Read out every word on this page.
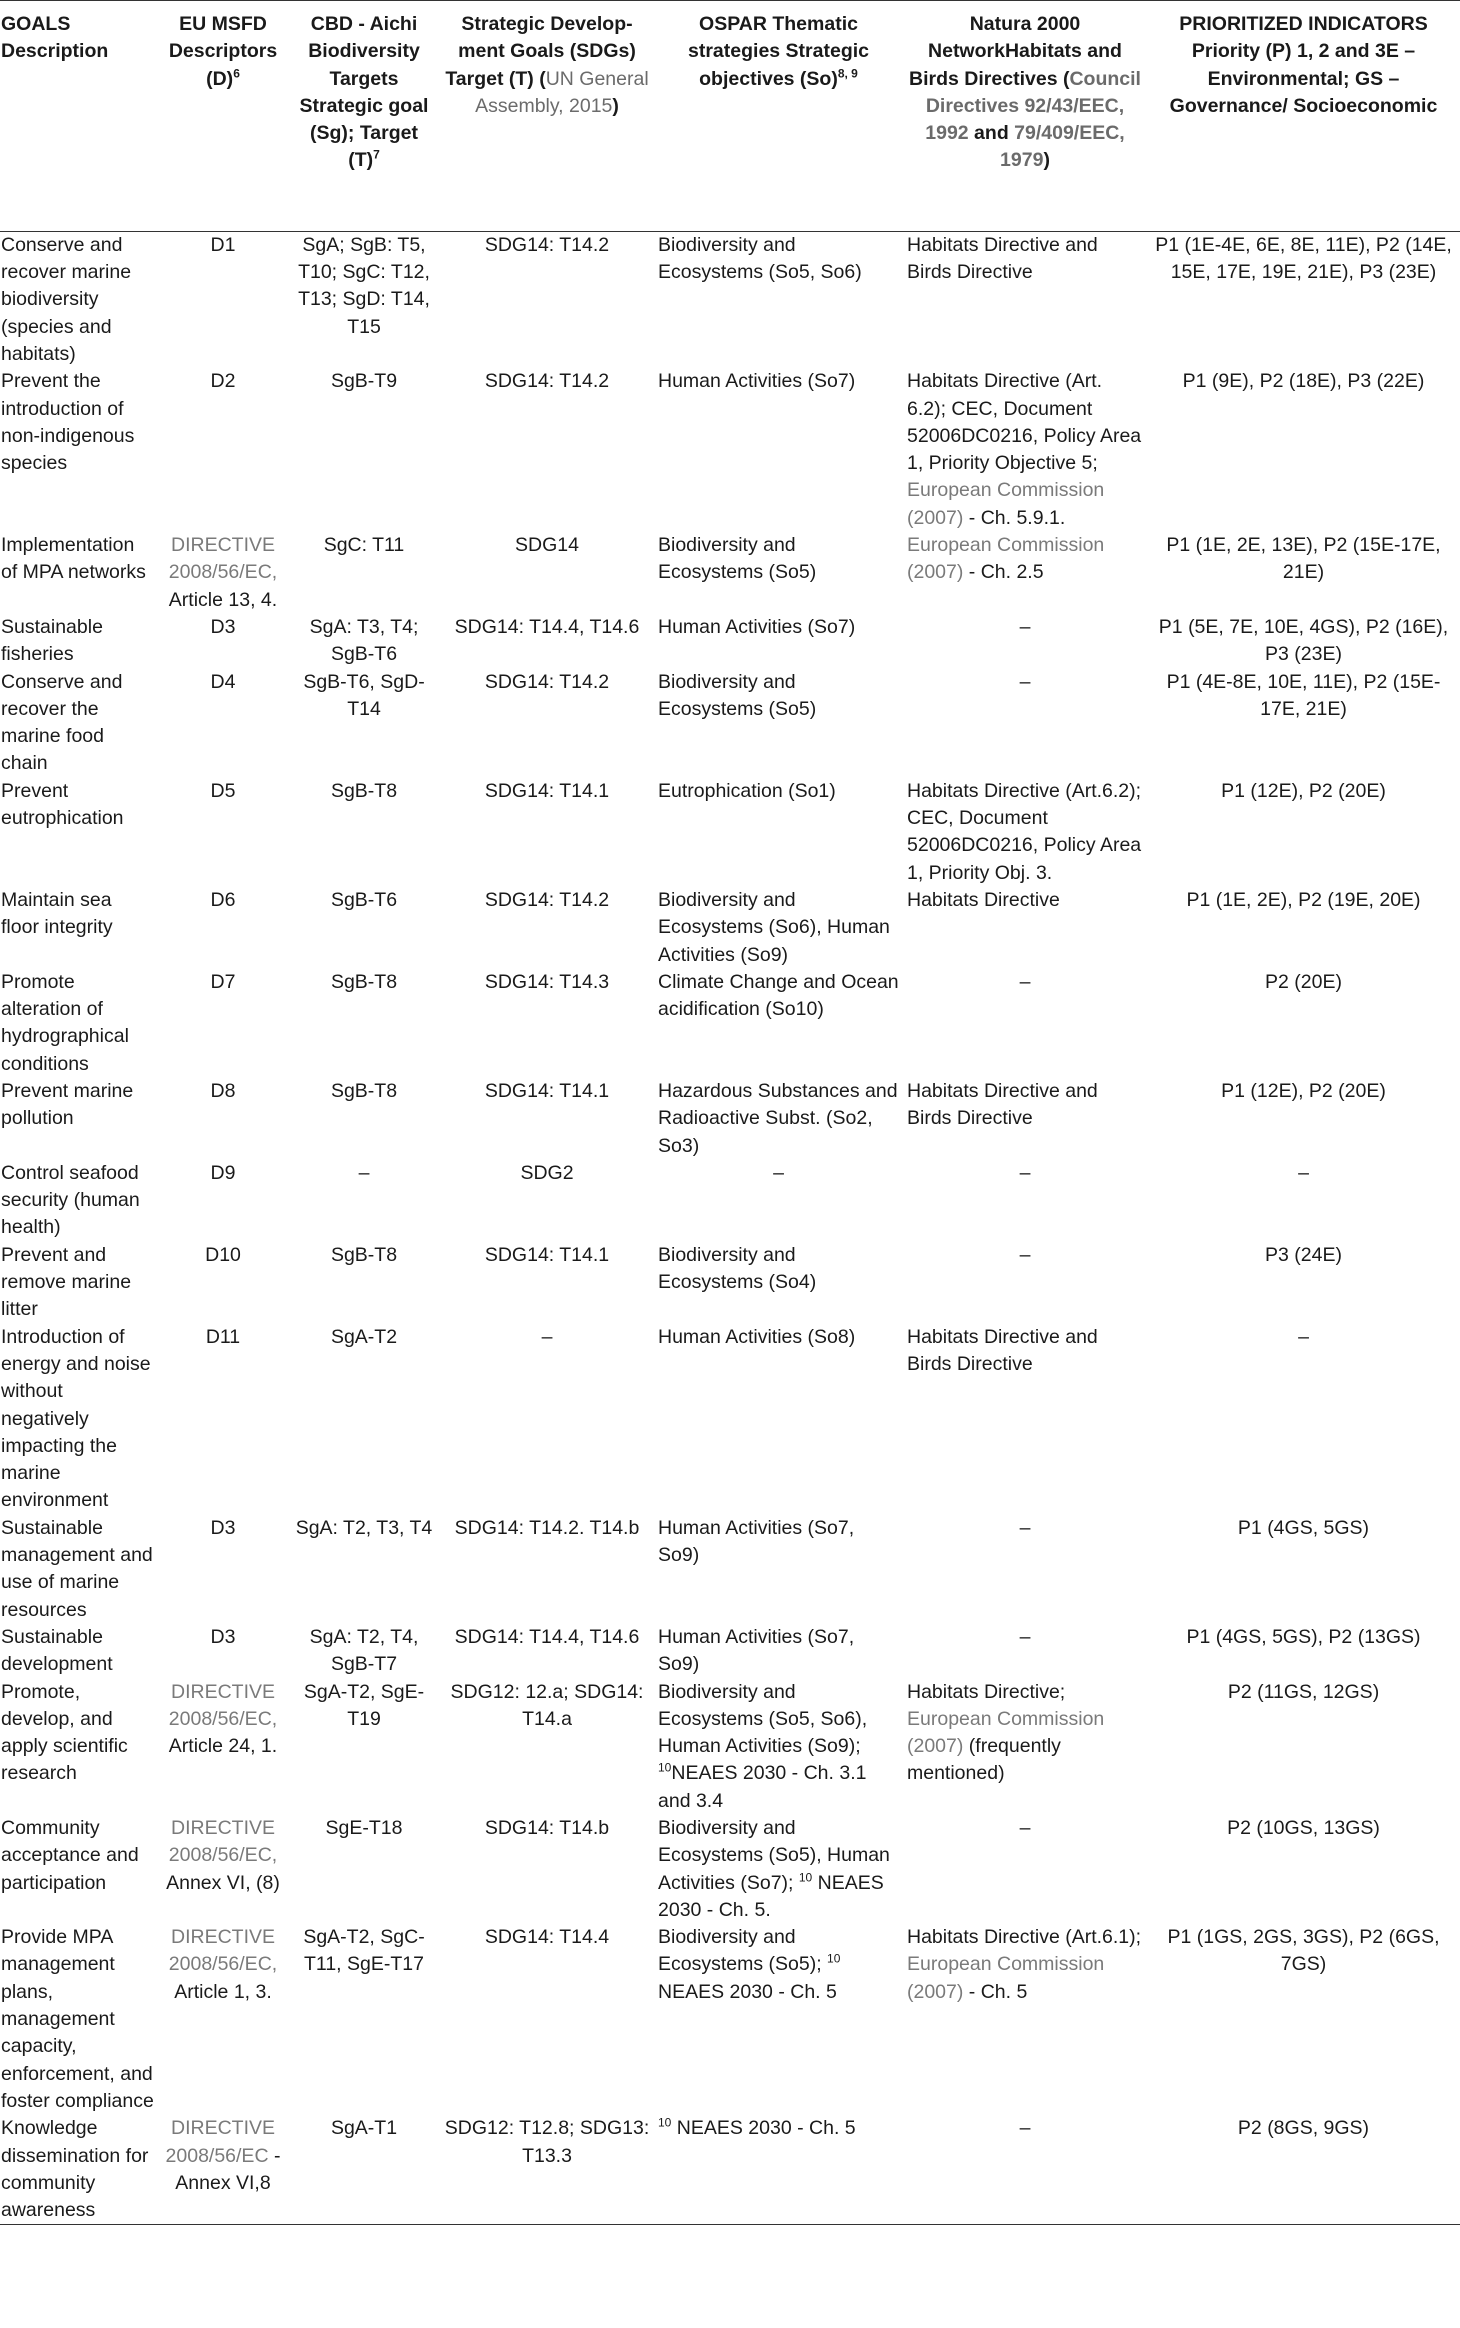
GOALS Description	EU MSFD Descriptors $(D)^6$	CBD - Aichi Biodiversity Targets Strategic goal (Sg); Target $(T)^7$	Strategic Develop-ment Goals (SDGs) Target (T) (UN General Assembly, 2015)	OSPAR Thematic strategies Strategic objectives $(So)^{8, 9}$	Natura 2000 NetworkHabitats and Birds Directives (Council Directives 92/43/EEC, 1992 and 79/409/EEC, 1979)	PRIORITIZED INDICATORS Priority (P) 1, 2 and 3E – Environmental; GS – Governance/ Socioeconomic
Conserve and recover marine biodiversity (species and habitats)	D1	SgA; SgB: T5, T10; SgC: T12, T13; SgD: T14, T15	SDG14: T14.2	Biodiversity and Ecosystems (So5, So6)	Habitats Directive and Birds Directive	P1 (1E-4E, 6E, 8E, 11E), P2 (14E, 15E, 17E, 19E, 21E), P3 (23E)
Prevent the introduction of non-indigenous species	D2	SgB-T9	SDG14: T14.2	Human Activities (So7)	Habitats Directive (Art. 6.2); CEC, Document 52006DC0216, Policy Area 1, Priority Objective 5; European Commission (2007) - Ch. 5.9.1.	P1 (9E), P2 (18E), P3 (22E)
Implementation of MPA networks	DIRECTIVE 2008/56/EC, Article 13, 4.	SgC: T11	SDG14	Biodiversity and Ecosystems (So5)	European Commission (2007) - Ch. 2.5	P1 (1E, 2E, 13E), P2 (15E-17E, 21E)
Sustainable fisheries	D3	SgA: T3, T4; SgB-T6	SDG14: T14.4, T14.6	Human Activities (So7)	–	P1 (5E, 7E, 10E, 4GS), P2 (16E), P3 (23E)
Conserve and recover the marine food chain	D4	SgB-T6, SgD-T14	SDG14: T14.2	Biodiversity and Ecosystems (So5)	–	P1 (4E-8E, 10E, 11E), P2 (15E-17E, 21E)
Prevent eutrophication	D5	SgB-T8	SDG14: T14.1	Eutrophication (So1)	Habitats Directive (Art.6.2); CEC, Document 52006DC0216, Policy Area 1, Priority Obj. 3.	P1 (12E), P2 (20E)
Maintain sea floor integrity	D6	SgB-T6	SDG14: T14.2	Biodiversity and Ecosystems (So6), Human Activities (So9)	Habitats Directive	P1 (1E, 2E), P2 (19E, 20E)
Promote alteration of hydrographical conditions	D7	SgB-T8	SDG14: T14.3	Climate Change and Ocean acidification (So10)	–	P2 (20E)
Prevent marine pollution	D8	SgB-T8	SDG14: T14.1	Hazardous Substances and Radioactive Subst. (So2, So3)	Habitats Directive and Birds Directive	P1 (12E), P2 (20E)
Control seafood security (human health)	D9	–	SDG2	–	–	–
Prevent and remove marine litter	D10	SgB-T8	SDG14: T14.1	Biodiversity and Ecosystems (So4)	–	P3 (24E)
Introduction of energy and noise without negatively impacting the marine environment	D11	SgA-T2	–	Human Activities (So8)	Habitats Directive and Birds Directive	–
Sustainable management and use of marine resources	D3	SgA: T2, T3, T4	SDG14: T14.2. T14.b	Human Activities (So7, So9)	–	P1 (4GS, 5GS)
Sustainable development	D3	SgA: T2, T4, SgB-T7	SDG14: T14.4, T14.6	Human Activities (So7, So9)	–	P1 (4GS, 5GS), P2 (13GS)
Promote, develop, and apply scientific research	DIRECTIVE 2008/56/EC, Article 24, 1.	SgA-T2, SgE-T19	SDG12: 12.a; SDG14: T14.a	Biodiversity and Ecosystems (So5, So6), Human Activities (So9); $^{10}$NEAES 2030 - Ch. 3.1 and 3.4	Habitats Directive; European Commission (2007) (frequently mentioned)	P2 (11GS, 12GS)
Community acceptance and participation	DIRECTIVE 2008/56/EC, Annex VI, (8)	SgE-T18	SDG14: T14.b	Biodiversity and Ecosystems (So5), Human Activities (So7); $^{10}$ NEAES 2030 - Ch. 5.	–	P2 (10GS, 13GS)
Provide MPA management plans, management capacity, enforcement, and foster compliance	DIRECTIVE 2008/56/EC, Article 1, 3.	SgA-T2, SgC-T11, SgE-T17	SDG14: T14.4	Biodiversity and Ecosystems (So5); $^{10}$ NEAES 2030 - Ch. 5	Habitats Directive (Art.6.1); European Commission (2007) - Ch. 5	P1 (1GS, 2GS, 3GS), P2 (6GS, 7GS)
Knowledge dissemination for community awareness	DIRECTIVE 2008/56/EC -Annex VI,8	SgA-T1	SDG12: T12.8; SDG13: T13.3	$^{10}$ NEAES 2030 - Ch. 5	–	P2 (8GS, 9GS)
